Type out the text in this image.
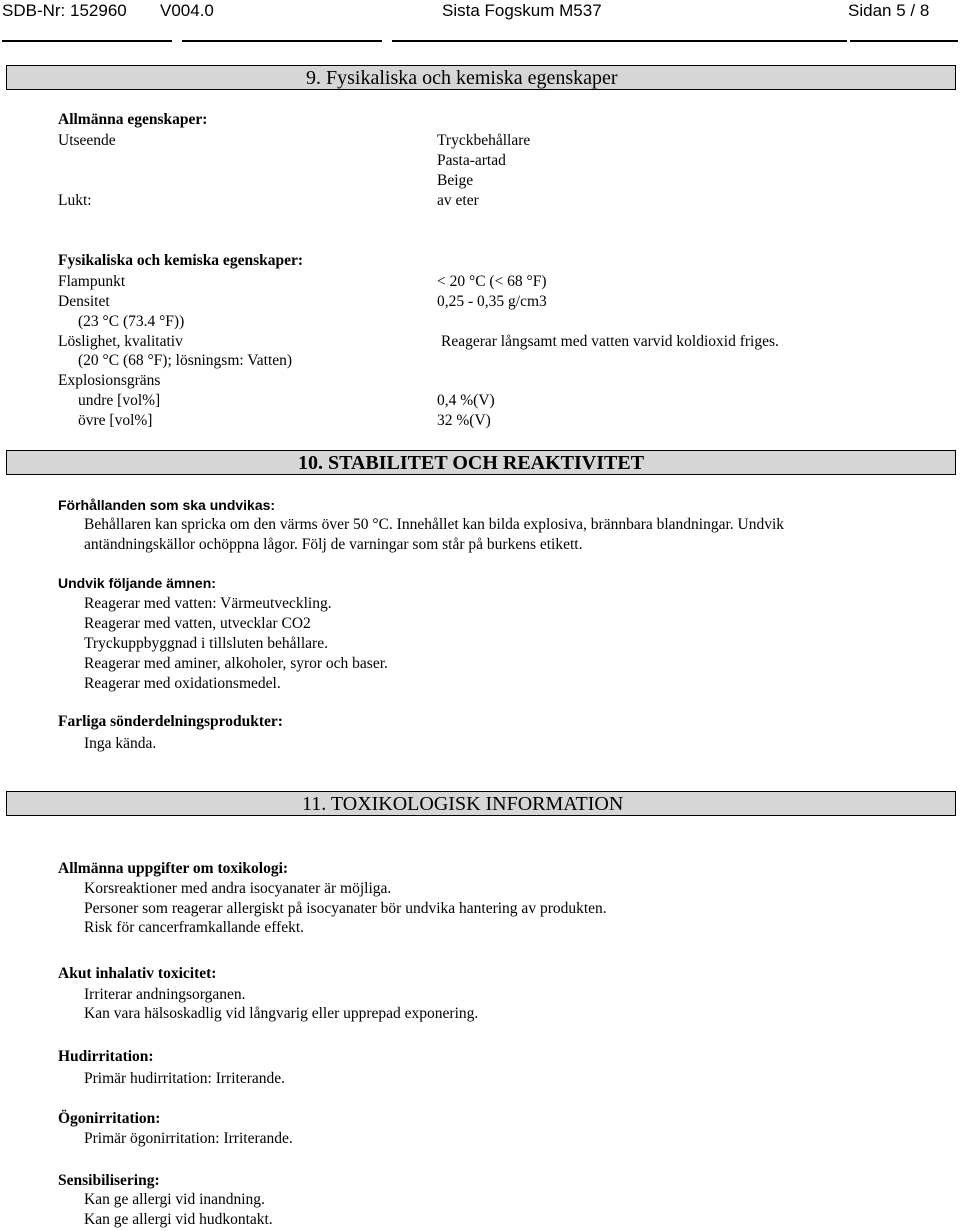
SDB-Nr: 152960 V004.0	Sista Fogskum M537	Sidan 5 / 8
9. Fysikaliska och kemiska egenskaper
Allmänna egenskaper:
Utseende	Tryckbehållare
Pasta-artad
Beige
Lukt:	av eter
Fysikaliska och kemiska egenskaper:
Flampunkt	< 20 °C (< 68 °F)
Densitet	0,25 - 0,35 g/cm3
(23 °C (73.4 °F))
Löslighet, kvalitativ	Reagerar långsamt med vatten varvid koldioxid friges.
(20 °C (68 °F); lösningsm: Vatten)
Explosionsgräns
undre [vol%]	0,4 %(V)
övre [vol%]	32 %(V)
10. STABILITET OCH REAKTIVITET
Förhållanden som ska undvikas:
Behållaren kan spricka om den värms över 50 °C. Innehållet kan bilda explosiva, brännbara blandningar. Undvik
antändningskällor ochöppna lågor. Följ de varningar som står på burkens etikett.
Undvik följande ämnen:
Reagerar med vatten: Värmeutveckling.
Reagerar med vatten, utvecklar CO2
Tryckuppbyggnad i tillsluten behållare.
Reagerar med aminer, alkoholer, syror och baser.
Reagerar med oxidationsmedel.
Farliga sönderdelningsprodukter:
Inga kända.
11. TOXIKOLOGISK INFORMATION
Allmänna uppgifter om toxikologi:
Korsreaktioner med andra isocyanater är möjliga.
Personer som reagerar allergiskt på isocyanater bör undvika hantering av produkten.
Risk för cancerframkallande effekt.
Akut inhalativ toxicitet:
Irriterar andningsorganen.
Kan vara hälsoskadlig vid långvarig eller upprepad exponering.
Hudirritation:
Primär hudirritation: Irriterande.
Ögonirritation:
Primär ögonirritation: Irriterande.
Sensibilisering:
Kan ge allergi vid inandning.
Kan ge allergi vid hudkontakt.
